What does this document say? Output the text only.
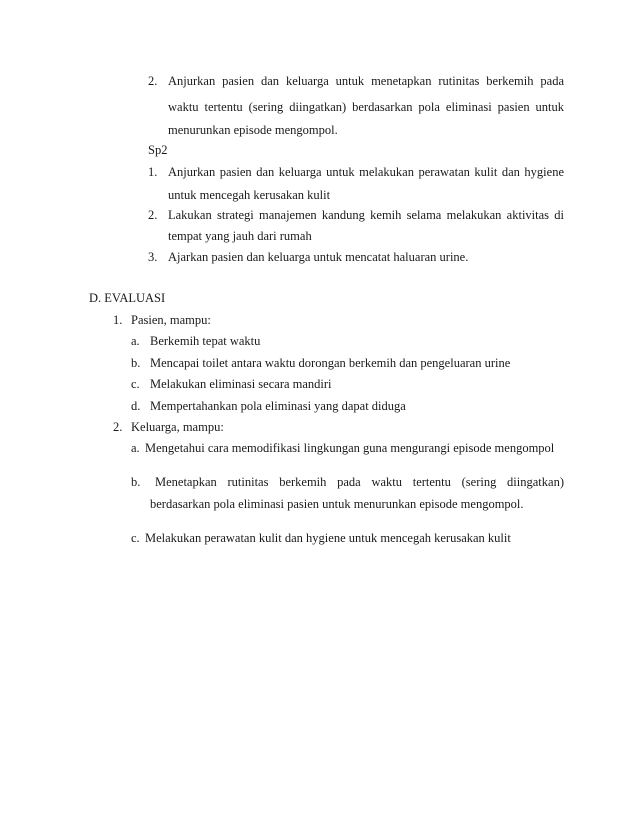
2. Anjurkan pasien dan keluarga untuk menetapkan rutinitas berkemih pada
waktu tertentu (sering diingatkan) berdasarkan pola eliminasi pasien untuk
menurunkan episode mengompol.
Sp2
1. Anjurkan pasien dan keluarga untuk melakukan perawatan kulit dan hygiene
untuk mencegah kerusakan kulit
2. Lakukan strategi manajemen kandung kemih selama melakukan aktivitas di
tempat yang jauh dari rumah
3. Ajarkan pasien dan keluarga untuk mencatat haluaran urine.
D. EVALUASI
1. Pasien, mampu:
a. Berkemih tepat waktu
b. Mencapai toilet antara waktu dorongan berkemih dan pengeluaran urine
c. Melakukan eliminasi secara mandiri
d. Mempertahankan pola eliminasi yang dapat diduga
2. Keluarga, mampu:
a. Mengetahui cara memodifikasi lingkungan guna mengurangi episode mengompol
b. Menetapkan rutinitas berkemih pada waktu tertentu (sering diingatkan)
berdasarkan pola eliminasi pasien untuk menurunkan episode mengompol.
c. Melakukan perawatan kulit dan hygiene untuk mencegah kerusakan kulit
